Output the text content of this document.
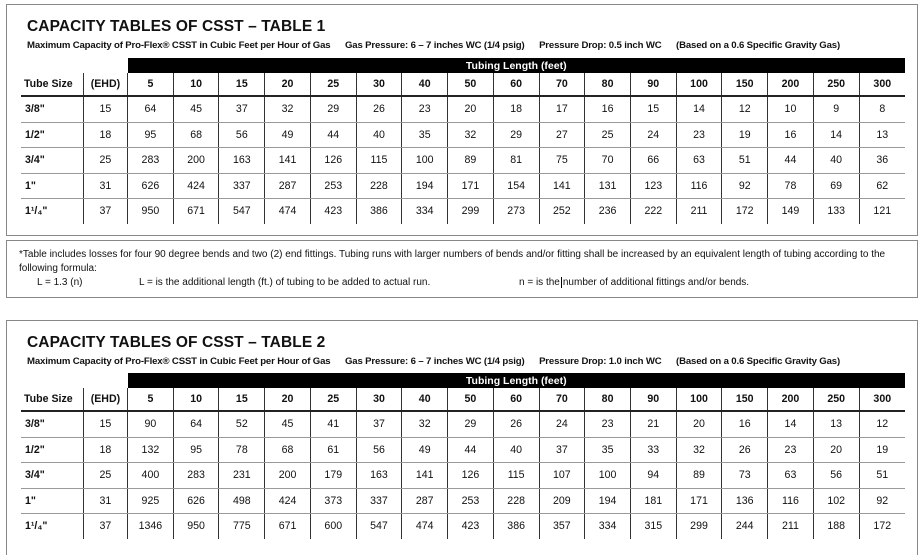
CAPACITY TABLES OF CSST – TABLE 1
Maximum Capacity of Pro-Flex® CSST in Cubic Feet per Hour of Gas Gas Pressure: 6 – 7 inches WC (1/4 psig) Pressure Drop: 0.5 inch WC (Based on a 0.6 Specific Gravity Gas)
		Tubing Length (feet)																
Tube Size	(EHD)	5	10	15	20	25	30	40	50	60	70	80	90	100	150	200	250	300
3/8"	15	64	45	37	32	29	26	23	20	18	17	16	15	14	12	10	9	8
1/2"	18	95	68	56	49	44	40	35	32	29	27	25	24	23	19	16	14	13
3/4"	25	283	200	163	141	126	115	100	89	81	75	70	66	63	51	44	40	36
1"	31	626	424	337	287	253	228	194	171	154	141	131	123	116	92	78	69	62
1¹/₄"	37	950	671	547	474	423	386	334	299	273	252	236	222	211	172	149	133	121
*Table includes losses for four 90 degree bends and two (2) end fittings. Tubing runs with larger numbers of bends and/or fitting shall be increased by an equivalent length of tubing according to the following formula:
L = 1.3 (n)	L = is the additional length (ft.) of tubing to be added to actual run.	n = is the number of additional fittings and/or bends.
CAPACITY TABLES OF CSST – TABLE 2
Maximum Capacity of Pro-Flex® CSST in Cubic Feet per Hour of Gas Gas Pressure: 6 – 7 inches WC (1/4 psig) Pressure Drop: 1.0 inch WC (Based on a 0.6 Specific Gravity Gas)
		Tubing Length (feet)																
Tube Size	(EHD)	5	10	15	20	25	30	40	50	60	70	80	90	100	150	200	250	300
3/8"	15	90	64	52	45	41	37	32	29	26	24	23	21	20	16	14	13	12
1/2"	18	132	95	78	68	61	56	49	44	40	37	35	33	32	26	23	20	19
3/4"	25	400	283	231	200	179	163	141	126	115	107	100	94	89	73	63	56	51
1"	31	925	626	498	424	373	337	287	253	228	209	194	181	171	136	116	102	92
1¹/₄"	37	1346	950	775	671	600	547	474	423	386	357	334	315	299	244	211	188	172
